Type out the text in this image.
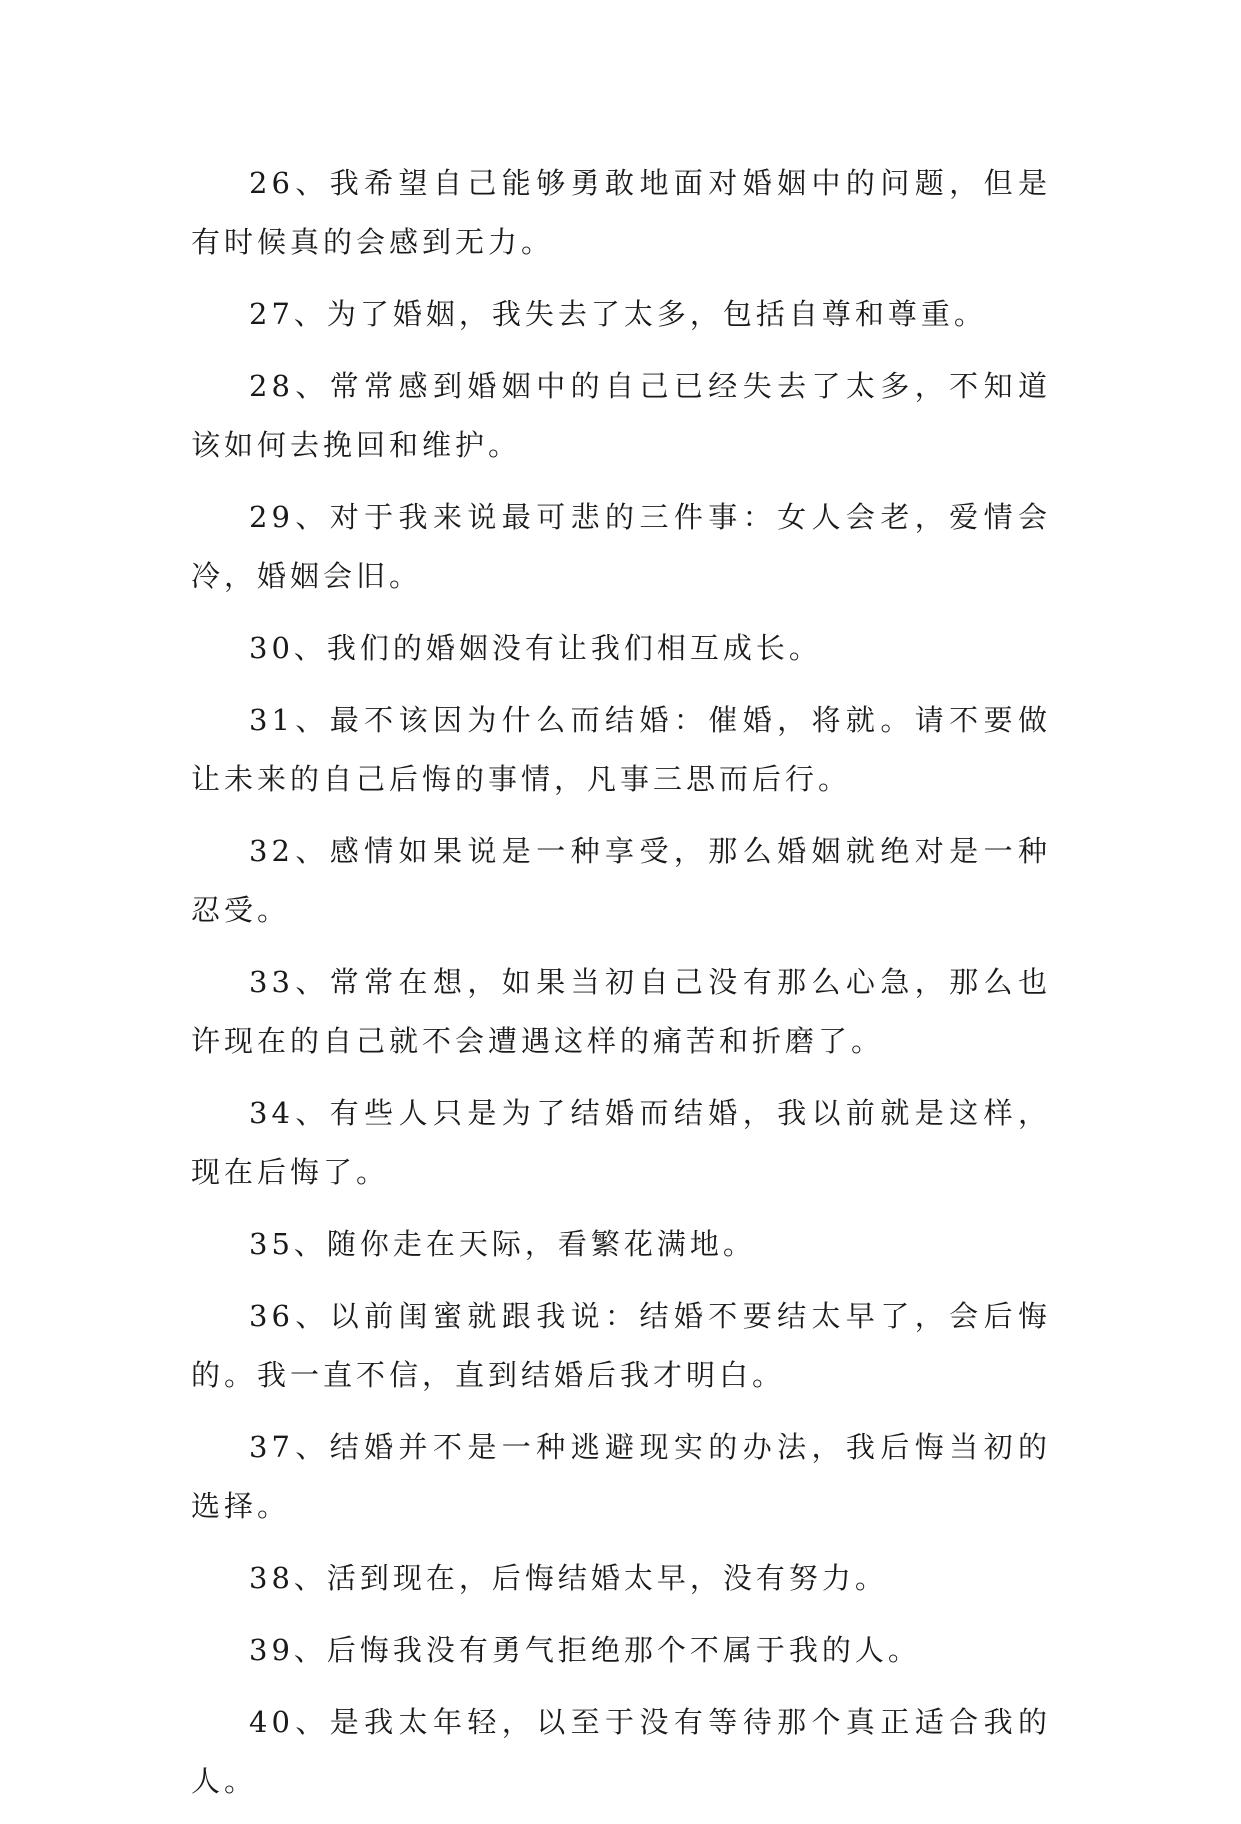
26、我希望自己能够勇敢地面对婚姻中的问题，但是有时候真的会感到无力。

27、为了婚姻，我失去了太多，包括自尊和尊重。

28、常常感到婚姻中的自己已经失去了太多，不知道该如何去挽回和维护。

29、对于我来说最可悲的三件事：女人会老，爱情会冷，婚姻会旧。

30、我们的婚姻没有让我们相互成长。

31、最不该因为什么而结婚：催婚，将就。请不要做让未来的自己后悔的事情，凡事三思而后行。

32、感情如果说是一种享受，那么婚姻就绝对是一种忍受。

33、常常在想，如果当初自己没有那么心急，那么也许现在的自己就不会遭遇这样的痛苦和折磨了。

34、有些人只是为了结婚而结婚，我以前就是这样，现在后悔了。

35、随你走在天际，看繁花满地。

36、以前闺蜜就跟我说：结婚不要结太早了，会后悔的。我一直不信，直到结婚后我才明白。

37、结婚并不是一种逃避现实的办法，我后悔当初的选择。

38、活到现在，后悔结婚太早，没有努力。

39、后悔我没有勇气拒绝那个不属于我的人。

40、是我太年轻，以至于没有等待那个真正适合我的人。
